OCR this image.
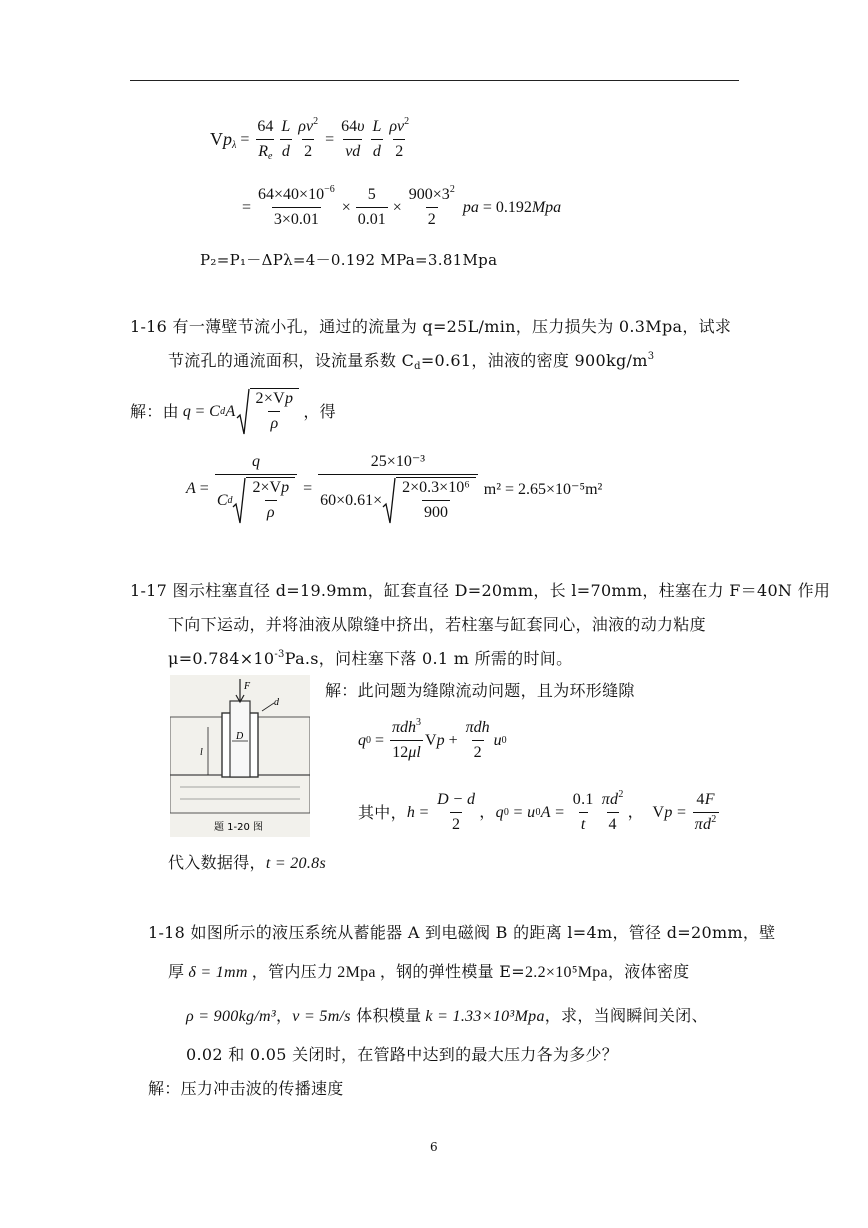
$Vp_\lambda = \frac{64}{R_e} \frac{L}{d} \frac{\rho v^2}{2} = \frac{64\upsilon}{vd} \frac{L}{d} \frac{\rho v^2}{2}$
= $\frac{64\times 40\times 10^{-6}}{3\times 0.01} \times \frac{5}{0.01} \times \frac{900\times 3^2}{2}$ pa = 0.192Mpa
P₂=P₁－ΔPλ=4－0.192 MPa=3.81Mpa
1-16 有一薄壁节流小孔，通过的流量为 q=25L/min，压力损失为 0.3Mpa，试求
节流孔的通流面积，设流量系数 $C_d=0.61$，油液的密度 $900kg/m^3$
解：由 q = C d A $\frac{2\times Vp}{\rho}$ ，得
$A = \frac{q}{C d \frac{2\times Vp}{\rho}} = \frac{\text{25×10⁻³}}{60\times 0.61\times \frac{\text{2×0.3×10⁶}}{900}} m^2 = 2.65\times 10^{-5}m^2$
1-17 图示柱塞直径 d=19.9mm，缸套直径 D=20mm，长 l=70mm，柱塞在力 F＝40N 作用
下向下运动，并将油液从隙缝中挤出，若柱塞与缸套同心，油液的动力粘度
$\mu=0.784\times 10^{-3}Pa.s$，问柱塞下落 0.1 m 所需的时间。
F
d
D
l
题 1-20 图
解：此问题为缝隙流动问题，且为环形缝隙
q $0 = \frac{\pi dh^3}{12\mu l}$ $Vp + \frac{\text{πdh}}{2}$ u 0
其中， $h = \frac{D - d}{2}$ ， q 0 = u 0 $A = \frac{0.1}{t} \frac{\pi d^2}{4}$ ， $Vp = \frac{4F}{\pi d^2}$
代入数据得，t = 20.8s
1-18 如图所示的液压系统从蓄能器 A 到电磁阀 B 的距离 l=4m，管径 d=20mm，壁
厚 δ = 1mm ，管内压力 2Mpa ，钢的弹性模量 E=2.2×10⁵Mpa，液体密度
ρ = 900kg/m³，v = 5m/s 体积模量 k = 1.33×10³Mpa，求，当阀瞬间关闭、
0.02 和 0.05 关闭时，在管路中达到的最大压力各为多少？
解：压力冲击波的传播速度
6
